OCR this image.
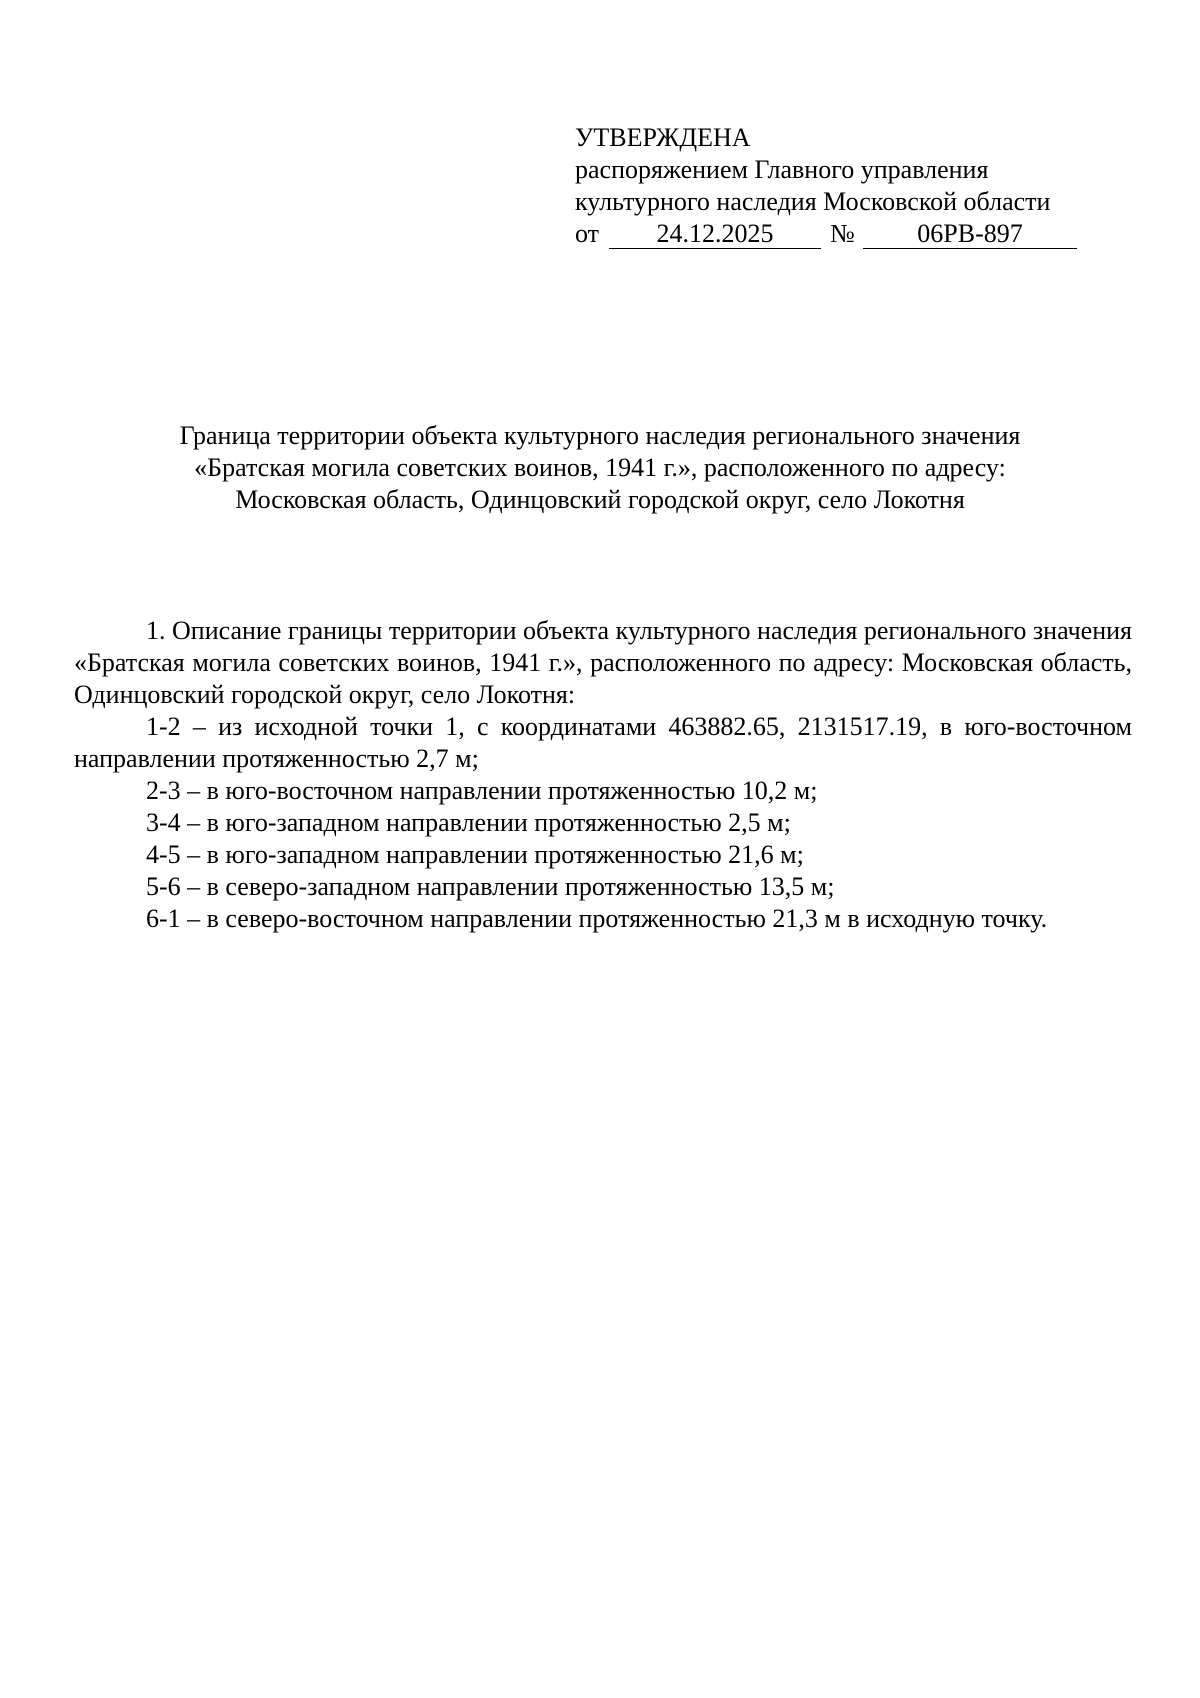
УТВЕРЖДЕНА
распоряжением Главного управления
культурного наследия Московской области
от	24.12.2025	№	06РВ-897
Граница территории объекта культурного наследия регионального значения
«Братская могила советских воинов, 1941 г.», расположенного по адресу:
Московская область, Одинцовский городской округ, село Локотня

1. Описание границы территории объекта культурного наследия регионального значения «Братская могила советских воинов, 1941 г.», расположенного по адресу: Московская область, Одинцовский городской округ, село Локотня:

1-2 – из исходной точки 1, с координатами 463882.65, 2131517.19, в юго-восточном направлении протяженностью 2,7 м;

2-3 – в юго-восточном направлении протяженностью 10,2 м;

3-4 – в юго-западном направлении протяженностью 2,5 м;

4-5 – в юго-западном направлении протяженностью 21,6 м;

5-6 – в северо-западном направлении протяженностью 13,5 м;

6-1 – в северо-восточном направлении протяженностью 21,3 м в исходную точку.
